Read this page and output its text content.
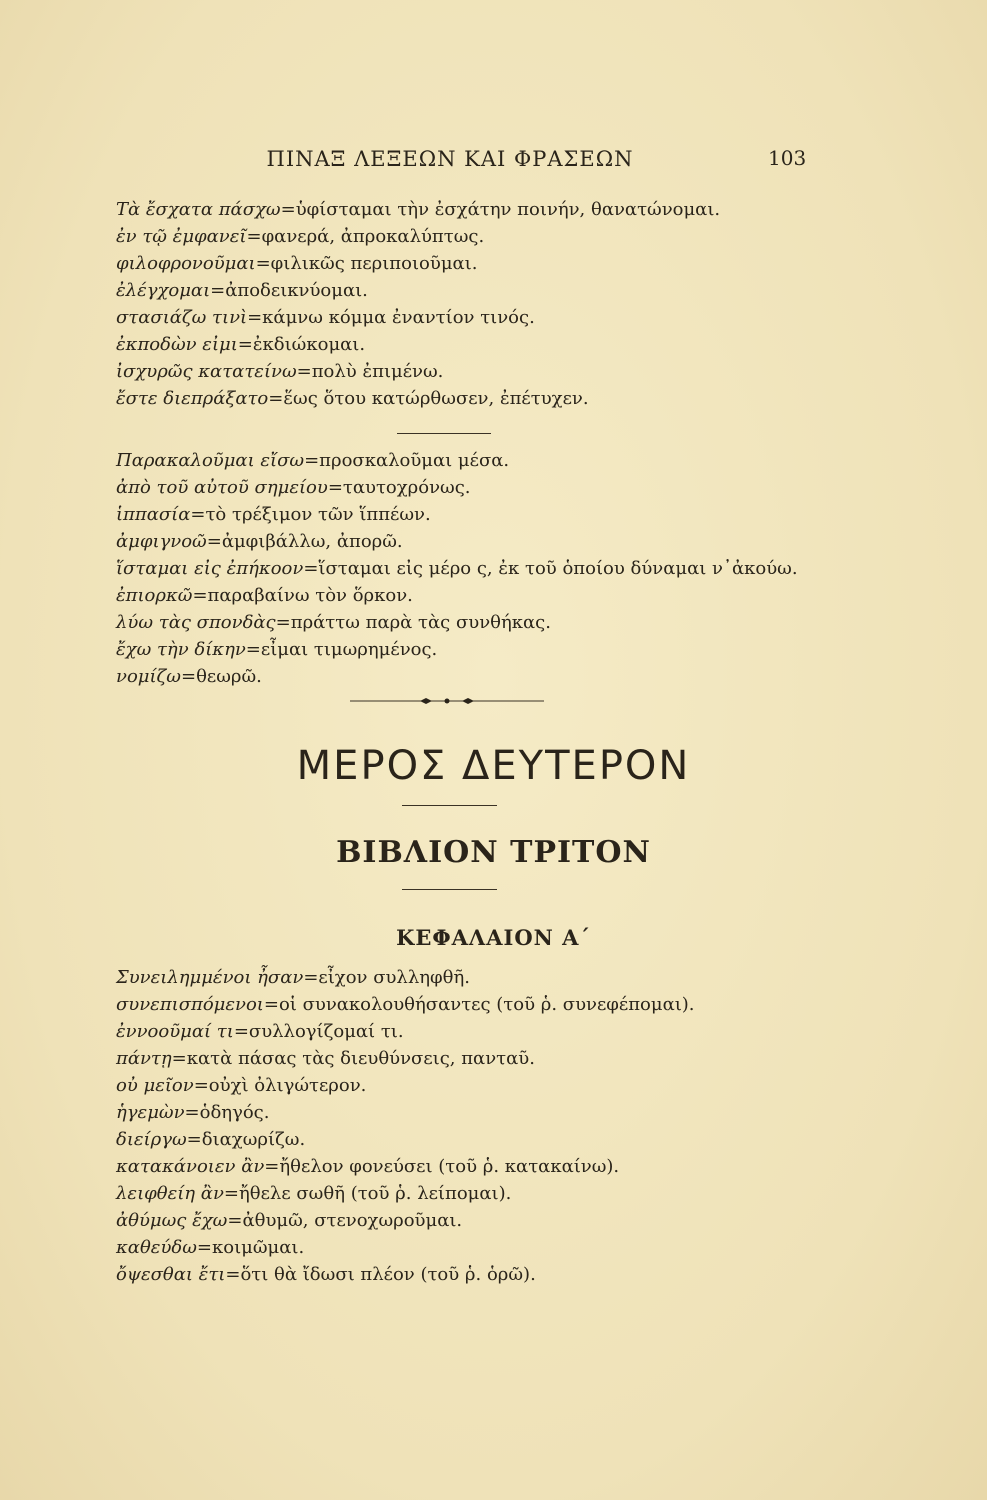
ΠΙΝΑΞ ΛΕΞΕΩΝ ΚΑΙ ΦΡΑΣΕΩΝ	103
Τὰ ἔσχατα πάσχω=ὑφίσταμαι τὴν ἐσχάτην ποινήν, θανατώνομαι.
ἐν τῷ ἐμφανεῖ=φανερά, ἀπροκαλύπτως.
φιλοφρονοῦμαι=φιλικῶς περιποιοῦμαι.
ἐλέγχομαι=ἀποδεικνύομαι.
στασιάζω τινὶ=κάμνω κόμμα ἐναντίον τινός.
ἐκποδὼν εἰμι=ἐκδιώκομαι.
ἰσχυρῶς κατατείνω=πολὺ ἐπιμένω.
ἔστε διεπράξατο=ἕως ὅτου κατώρθωσεν, ἐπέτυχεν.
Παρακαλοῦμαι εἴσω=προσκαλοῦμαι μέσα.
ἀπὸ τοῦ αὐτοῦ σημείου=ταυτοχρόνως.
ἱππασία=τὸ τρέξιμον τῶν ἵππέων.
ἀμφιγνοῶ=ἀμφιβάλλω, ἀπορῶ.
ἵσταμαι εἰς ἐπήκοον=ἵσταμαι εἰς μέρο ς, ἐκ τοῦ ὁποίου δύναμαι ν᾽ἀκούω.
ἐπιορκῶ=παραβαίνω τὸν ὅρκον.
λύω τὰς σπονδὰς=πράττω παρὰ τὰς συνθήκας.
ἔχω τὴν δίκην=εἶμαι τιμωρημένος.
νομίζω=θεωρῶ.
ΜΕΡΟΣ ΔΕΥΤΕΡΟΝ
ΒΙΒΛΙΟΝ ΤΡΙΤΟΝ
ΚΕΦΑΛΑΙΟΝ Α΄
Συνειλημμένοι ἦσαν=εἶχον συλληφθῆ.
συνεπισπόμενοι=οἱ συνακολουθήσαντες (τοῦ ῥ. συνεφέπομαι).
ἐννοοῦμαί τι=συλλογίζομαί τι.
πάντῃ=κατὰ πάσας τὰς διευθύνσεις, πανταῦ.
οὐ μεῖον=οὐχὶ ὀλιγώτερον.
ἡγεμὼν=ὁδηγός.
διείργω=διαχωρίζω.
κατακάνοιεν ἂν=ἤθελον φονεύσει (τοῦ ῥ. κατακαίνω).
λειφθείη ἂν=ἤθελε σωθῆ (τοῦ ῥ. λείπομαι).
ἀθύμως ἔχω=ἀθυμῶ, στενοχωροῦμαι.
καθεύδω=κοιμῶμαι.
ὄψεσθαι ἔτι=ὅτι θὰ ἴδωσι πλέον (τοῦ ῥ. ὁρῶ).
